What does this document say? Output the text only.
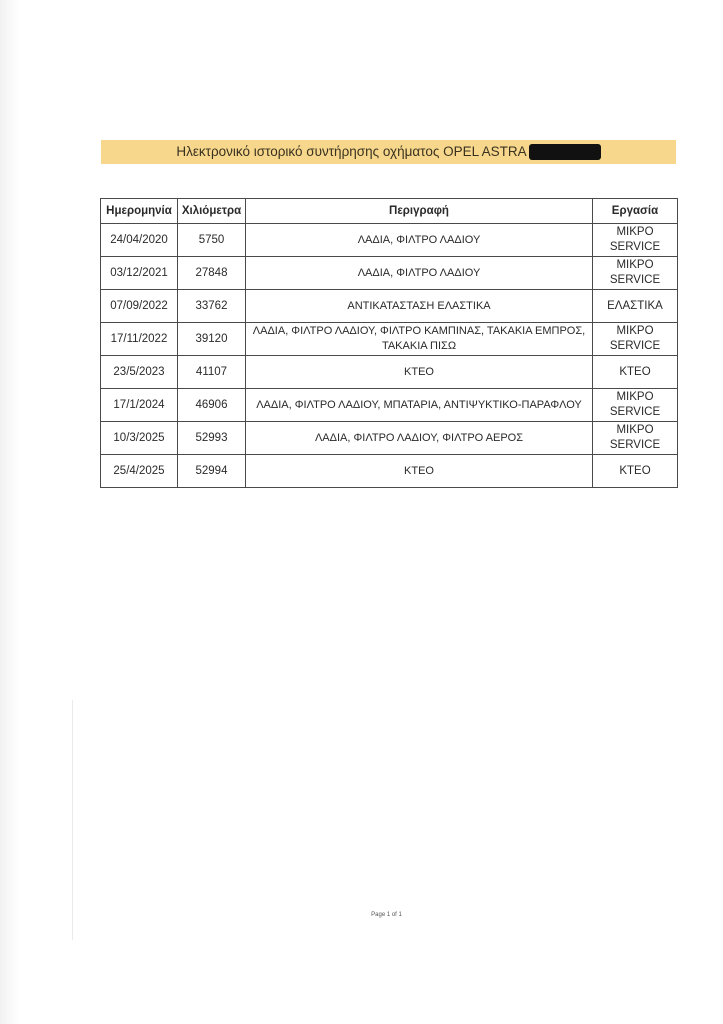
Ηλεκτρονικό ιστορικό συντήρησης οχήματος OPEL ASTRA
Ημερομηνία	Χιλιόμετρα	Περιγραφή	Εργασία
24/04/2020	5750	ΛΑΔΙΑ, ΦΙΛΤΡΟ ΛΑΔΙΟΥ	ΜΙΚΡΟ SERVICE
03/12/2021	27848	ΛΑΔΙΑ, ΦΙΛΤΡΟ ΛΑΔΙΟΥ	ΜΙΚΡΟ SERVICE
07/09/2022	33762	ΑΝΤΙΚΑΤΑΣΤΑΣΗ ΕΛΑΣΤΙΚΑ	ΕΛΑΣΤΙΚΑ
17/11/2022	39120	ΛΑΔΙΑ, ΦΙΛΤΡΟ ΛΑΔΙΟΥ, ΦΙΛΤΡΟ ΚΑΜΠΙΝΑΣ, ΤΑΚΑΚΙΑ ΕΜΠΡΟΣ, ΤΑΚΑΚΙΑ ΠΙΣΩ	ΜΙΚΡΟ SERVICE
23/5/2023	41107	ΚΤΕΟ	ΚΤΕΟ
17/1/2024	46906	ΛΑΔΙΑ, ΦΙΛΤΡΟ ΛΑΔΙΟΥ, ΜΠΑΤΑΡΙΑ, ΑΝΤΙΨΥΚΤΙΚΟ-ΠΑΡΑΦΛΟΥ	ΜΙΚΡΟ SERVICE
10/3/2025	52993	ΛΑΔΙΑ, ΦΙΛΤΡΟ ΛΑΔΙΟΥ, ΦΙΛΤΡΟ ΑΕΡΟΣ	ΜΙΚΡΟ SERVICE
25/4/2025	52994	ΚΤΕΟ	ΚΤΕΟ
Page 1 of 1
